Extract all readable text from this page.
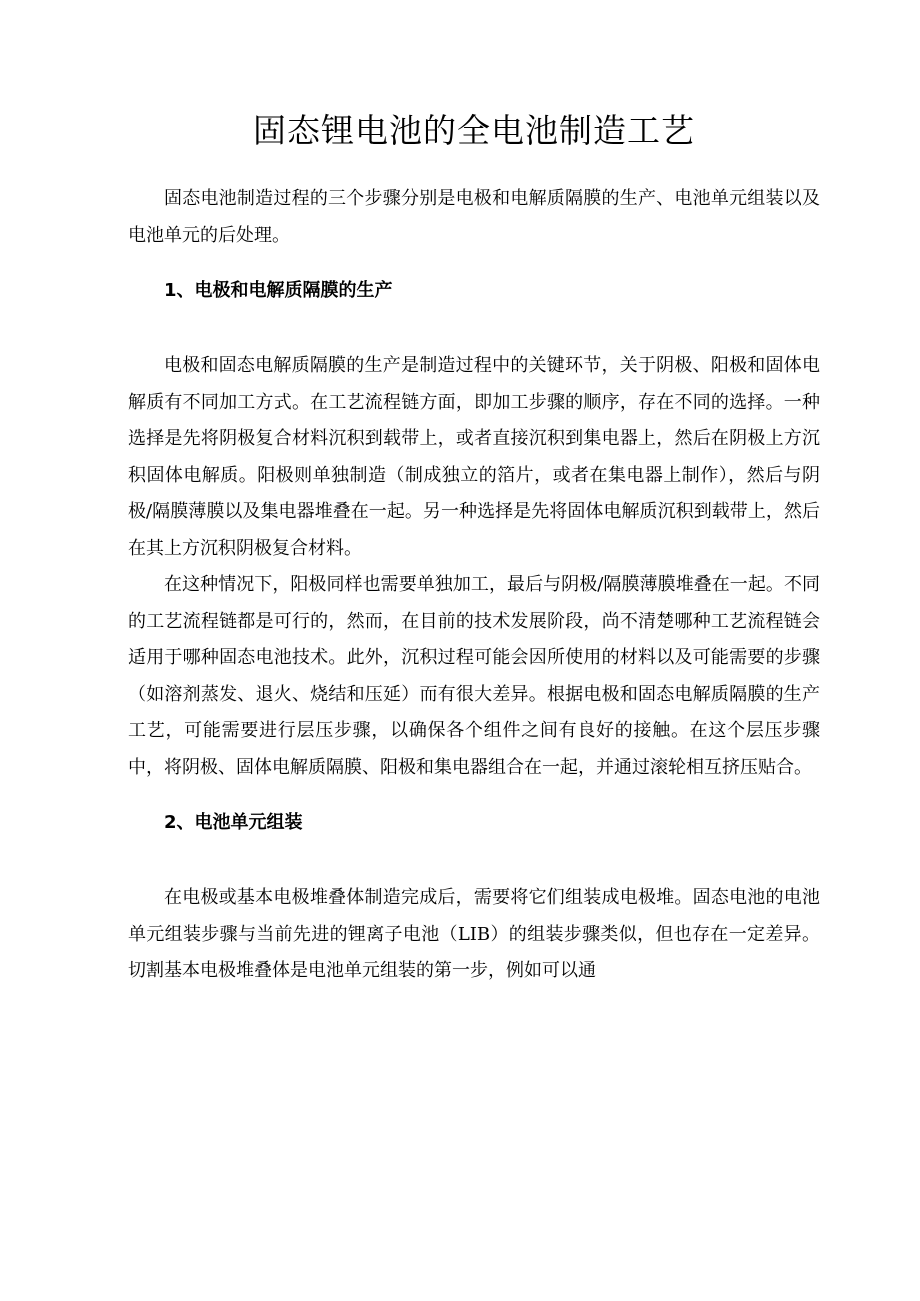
固态锂电池的全电池制造工艺

固态电池制造过程的三个步骤分别是电极和电解质隔膜的生产、电池单元组装以及电池单元的后处理。

1、电极和电解质隔膜的生产

电极和固态电解质隔膜的生产是制造过程中的关键环节，关于阴极、阳极和固体电解质有不同加工方式。在工艺流程链方面，即加工步骤的顺序，存在不同的选择。一种选择是先将阴极复合材料沉积到载带上，或者直接沉积到集电器上，然后在阴极上方沉积固体电解质。阳极则单独制造（制成独立的箔片，或者在集电器上制作），然后与阴极/隔膜薄膜以及集电器堆叠在一起。另一种选择是先将固体电解质沉积到载带上，然后在其上方沉积阴极复合材料。

在这种情况下，阳极同样也需要单独加工，最后与阴极/隔膜薄膜堆叠在一起。不同的工艺流程链都是可行的，然而，在目前的技术发展阶段，尚不清楚哪种工艺流程链会适用于哪种固态电池技术。此外，沉积过程可能会因所使用的材料以及可能需要的步骤（如溶剂蒸发、退火、烧结和压延）而有很大差异。根据电极和固态电解质隔膜的生产工艺，可能需要进行层压步骤，以确保各个组件之间有良好的接触。在这个层压步骤中，将阴极、固体电解质隔膜、阳极和集电器组合在一起，并通过滚轮相互挤压贴合。

2、电池单元组装

在电极或基本电极堆叠体制造完成后，需要将它们组装成电极堆。固态电池的电池单元组装步骤与当前先进的锂离子电池（LIB）的组装步骤类似，但也存在一定差异。切割基本电极堆叠体是电池单元组装的第一步，例如可以通
